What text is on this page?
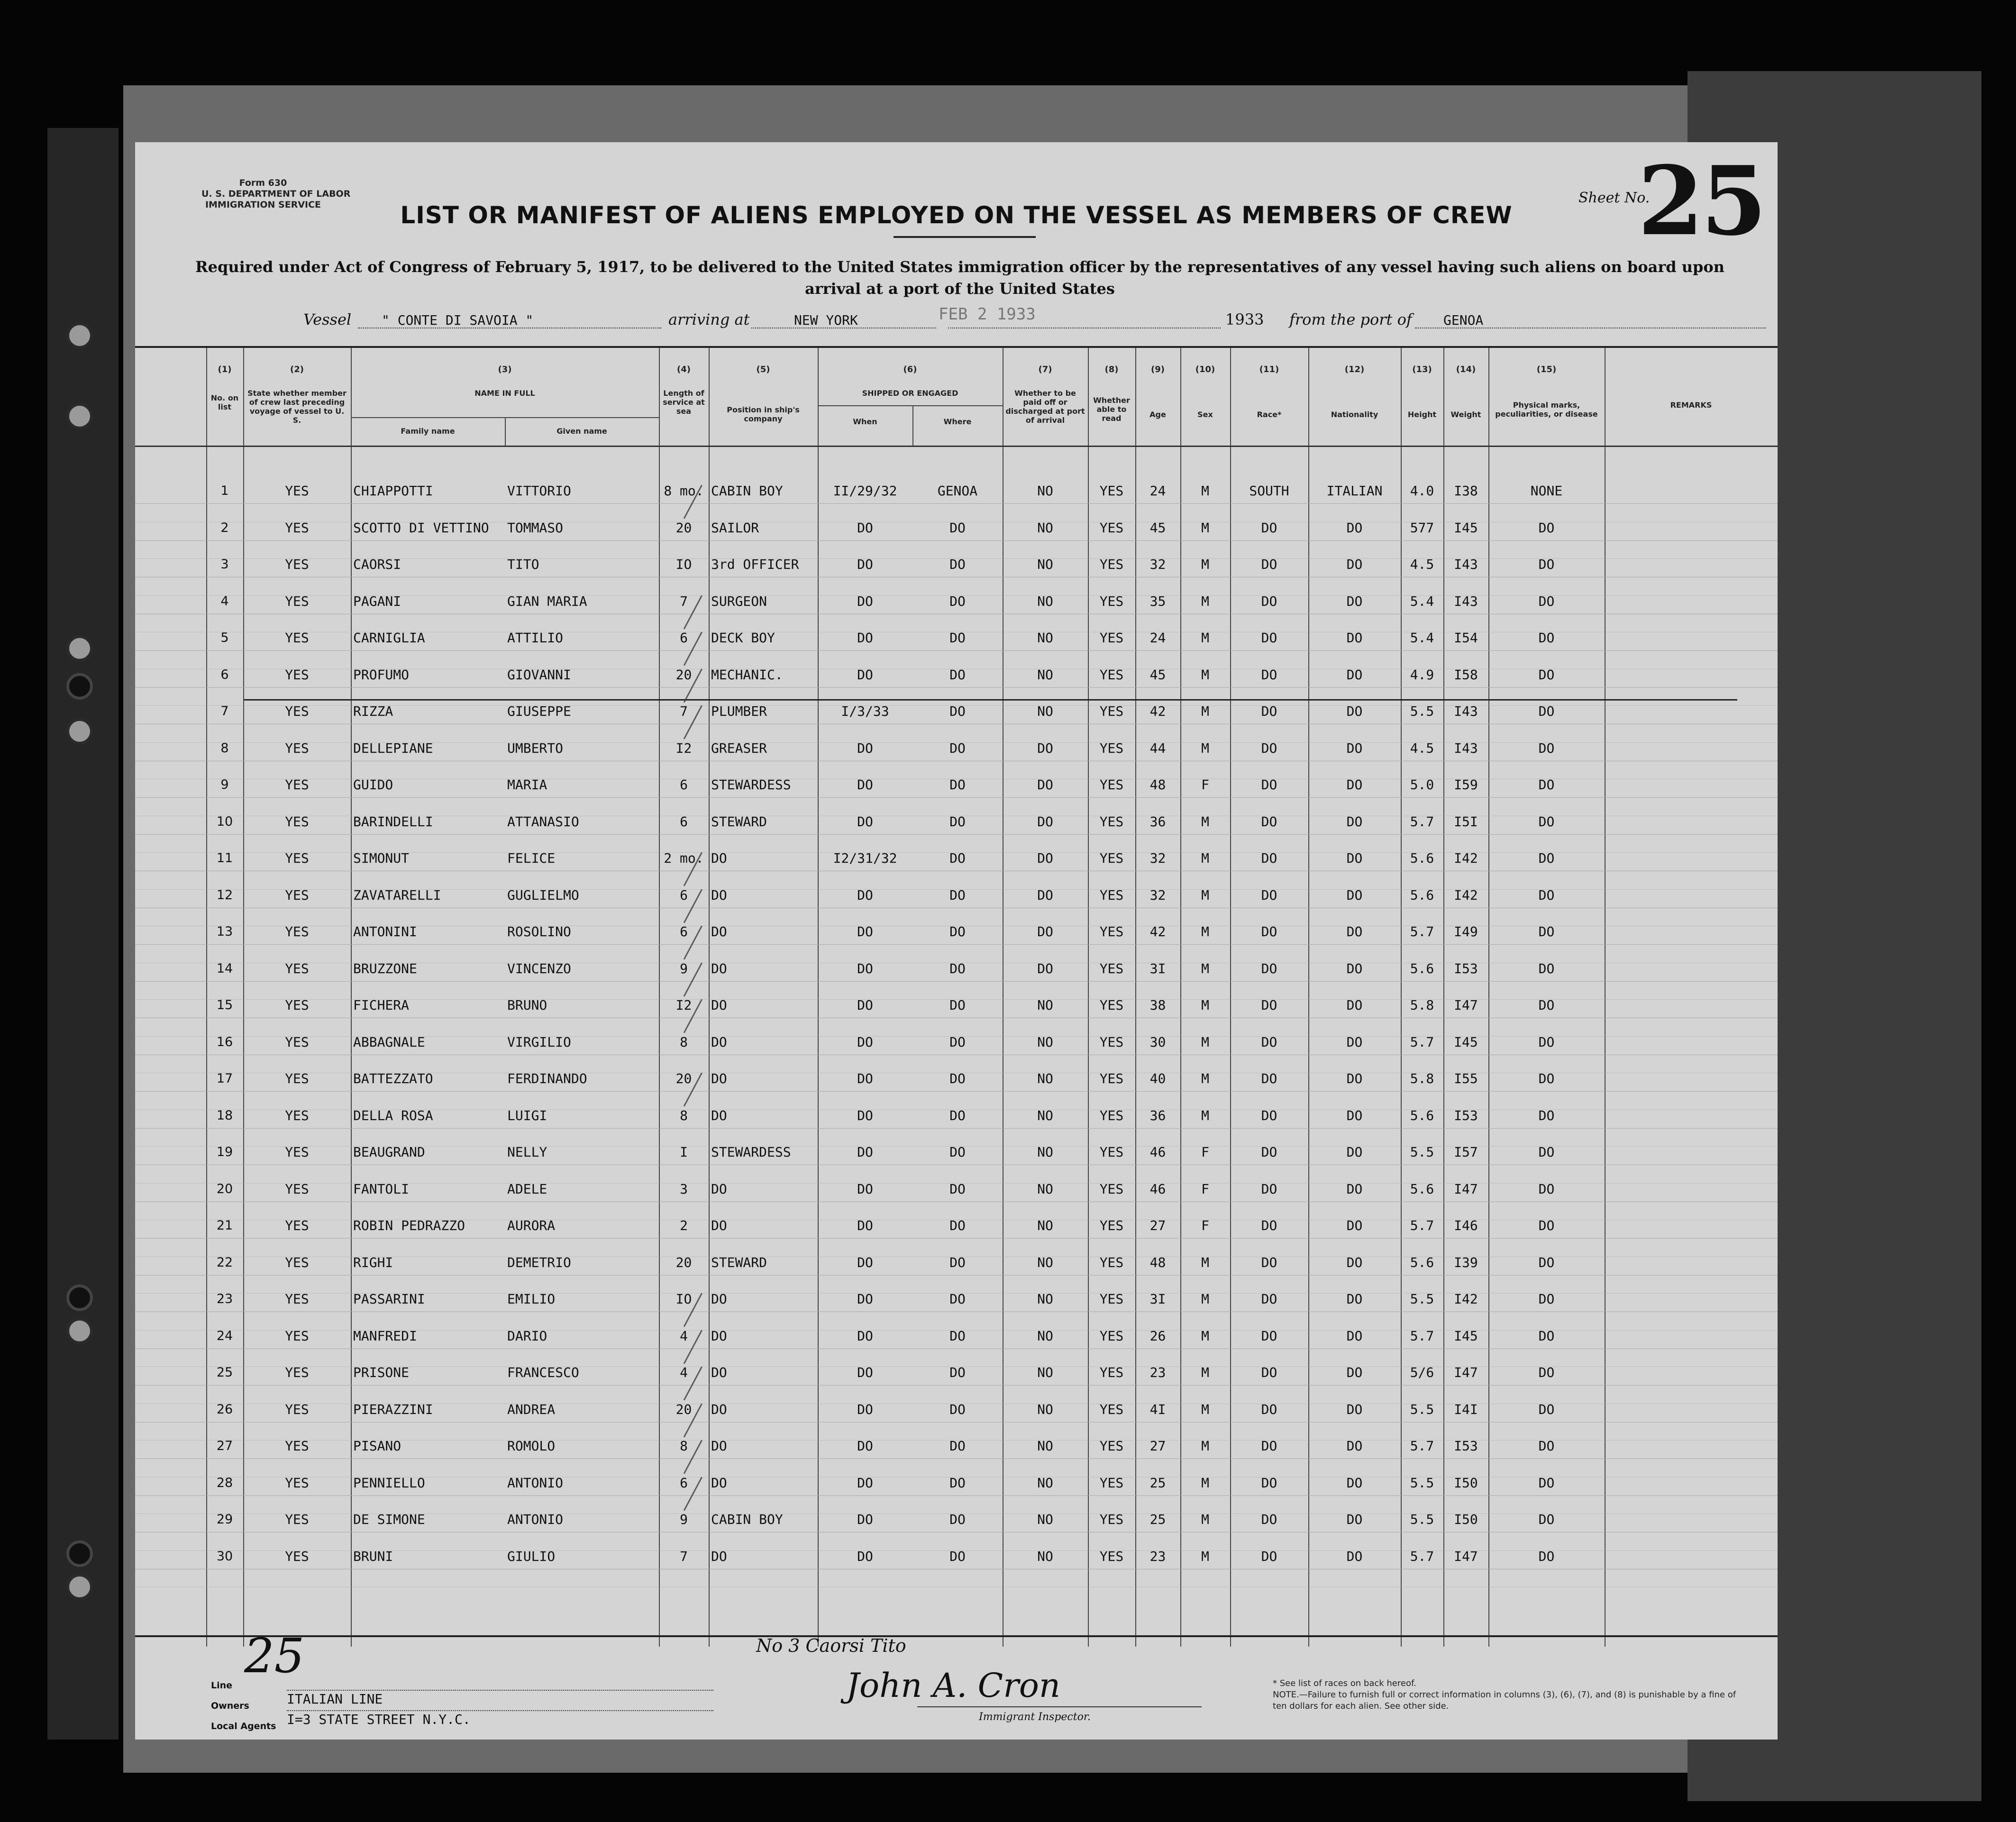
Form 630
U. S. DEPARTMENT OF LABOR
IMMIGRATION SERVICE	Sheet No.
25
LIST OR MANIFEST OF ALIENS EMPLOYED ON THE VESSEL AS MEMBERS OF CREW
Required under Act of Congress of February 5, 1917, to be delivered to the United States immigration officer by the representatives of any vessel having such aliens on board upon arrival at a port of the United States
Vessel " CONTE DI SAVOIA "	arriving at	NEW YORK	FEB 2 1933	1933 from the port of GENOA
(1)	(2)	(3)	(4)	(5)	(6)	(7)	(8)	(9)	(10)	(11)	(12)	(13)	(14)	(15)
No. on list
State whether member of crew last preceding voyage of vessel to U. S.
NAME IN FULL
Family name	Given name
Length of service at sea	Position in ship's company
SHIPPED OR ENGAGED
When	Where
Whether to be paid off or discharged at port of arrival
Whether able to read	Age	Sex	Race*	Nationality	Height	Weight
Physical marks, peculiarities, or disease
REMARKS
1	YES	CHIAPPOTTI	VITTORIO	8 mo. CABIN BOY	II/29/32	GENOA	NO	YES	24	M	SOUTH	ITALIAN	4.0	I38	NONE
2	YES	SCOTTO DI VETTINO	TOMMASO	20	SAILOR	DO	DO	NO	YES	45	M	DO	DO	577	I45	DO
3	YES	CAORSI	TITO	IO	3rd OFFICER	DO	DO	NO	YES	32	M	DO	DO	4.5	I43	DO
4	YES	PAGANI	GIAN MARIA	7	SURGEON	DO	DO	NO	YES	35	M	DO	DO	5.4	I43	DO
5	YES	CARNIGLIA	ATTILIO	6	DECK BOY	DO	DO	NO	YES	24	M	DO	DO	5.4	I54	DO
6	YES	PROFUMO	GIOVANNI	20	MECHANIC.	DO	DO	NO	YES	45	M	DO	DO	4.9	I58	DO
7	YES	RIZZA	GIUSEPPE	7	PLUMBER	I/3/33	DO	NO	YES	42	M	DO	DO	5.5	I43	DO
8	YES	DELLEPIANE	UMBERTO	I2	GREASER	DO	DO	DO	YES	44	M	DO	DO	4.5	I43	DO
9	YES	GUIDO	MARIA	6	STEWARDESS	DO	DO	DO	YES	48	F	DO	DO	5.0	I59	DO
10	YES	BARINDELLI	ATTANASIO	6	STEWARD	DO	DO	DO	YES	36	M	DO	DO	5.7	I5I	DO
11	YES	SIMONUT	FELICE	2 mo. DO	I2/31/32	DO	DO	YES	32	M	DO	DO	5.6	I42	DO
12	YES	ZAVATARELLI	GUGLIELMO	6	DO	DO	DO	DO	YES	32	M	DO	DO	5.6	I42	DO
13	YES	ANTONINI	ROSOLINO	6	DO	DO	DO	DO	YES	42	M	DO	DO	5.7	I49	DO
14	YES	BRUZZONE	VINCENZO	9	DO	DO	DO	DO	YES	3I	M	DO	DO	5.6	I53	DO
15	YES	FICHERA	BRUNO	I2	DO	DO	DO	NO	YES	38	M	DO	DO	5.8	I47	DO
16	YES	ABBAGNALE	VIRGILIO	8	DO	DO	DO	NO	YES	30	M	DO	DO	5.7	I45	DO
17	YES	BATTEZZATO	FERDINANDO	20	DO	DO	DO	NO	YES	40	M	DO	DO	5.8	I55	DO
18	YES	DELLA ROSA	LUIGI	8	DO	DO	DO	NO	YES	36	M	DO	DO	5.6	I53	DO
19	YES	BEAUGRAND	NELLY	I	STEWARDESS	DO	DO	NO	YES	46	F	DO	DO	5.5	I57	DO
20	YES	FANTOLI	ADELE	3	DO	DO	DO	NO	YES	46	F	DO	DO	5.6	I47	DO
21	YES	ROBIN PEDRAZZO	AURORA	2	DO	DO	DO	NO	YES	27	F	DO	DO	5.7	I46	DO
22	YES	RIGHI	DEMETRIO	20	STEWARD	DO	DO	NO	YES	48	M	DO	DO	5.6	I39	DO
23	YES	PASSARINI	EMILIO	IO	DO	DO	DO	NO	YES	3I	M	DO	DO	5.5	I42	DO
24	YES	MANFREDI	DARIO	4	DO	DO	DO	NO	YES	26	M	DO	DO	5.7	I45	DO
25	YES	PRISONE	FRANCESCO	4	DO	DO	DO	NO	YES	23	M	DO	DO	5/6	I47	DO
26	YES	PIERAZZINI	ANDREA	20	DO	DO	DO	NO	YES	4I	M	DO	DO	5.5	I4I	DO
27	YES	PISANO	ROMOLO	8	DO	DO	DO	NO	YES	27	M	DO	DO	5.7	I53	DO
28	YES	PENNIELLO	ANTONIO	6	DO	DO	DO	NO	YES	25	M	DO	DO	5.5	I50	DO
29	YES	DE SIMONE	ANTONIO	9	CABIN BOY	DO	DO	NO	YES	25	M	DO	DO	5.5	I50	DO
30	YES	BRUNI	GIULIO	7	DO	DO	DO	NO	YES	23	M	DO	DO	5.7	I47	DO
25
Line
Owners	ITALIAN LINE
Local Agents I=3 STATE STREET N.Y.C.
No 3 Caorsi Tito
John A. Cron
Immigrant Inspector.
* See list of races on back hereof.
NOTE.—Failure to furnish full or correct information in columns (3), (6), (7), and (8) is punishable by a fine of ten dollars for each alien. See other side.
